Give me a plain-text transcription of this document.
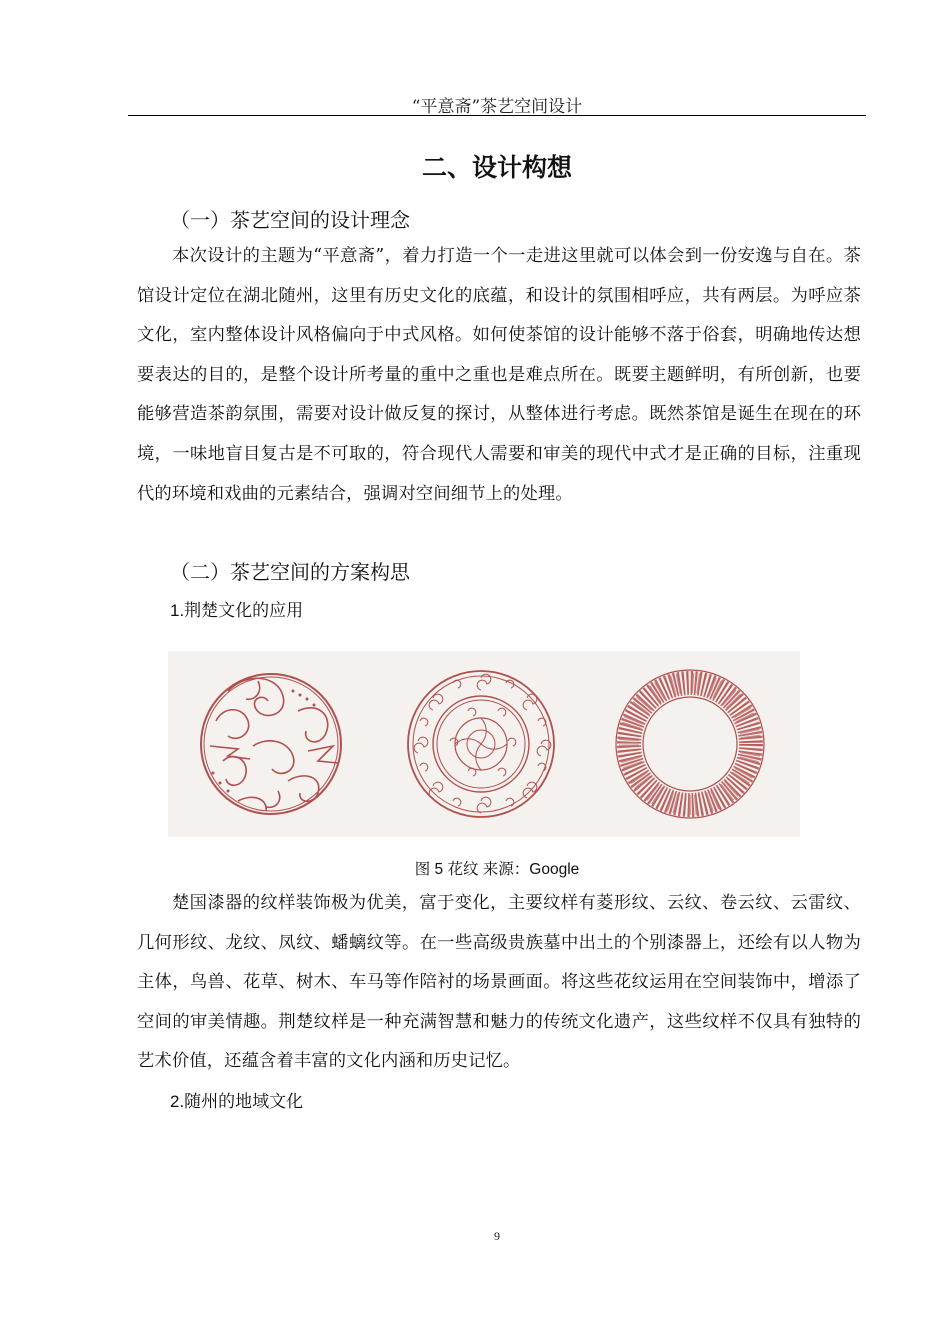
“平意斋”茶艺空间设计
二、设计构想
（一）茶艺空间的设计理念

本次设计的主题为“平意斋”，着力打造一个一走进这里就可以体会到一份安逸与自在。茶馆设计定位在湖北随州，这里有历史文化的底蕴，和设计的氛围相呼应，共有两层。为呼应茶文化，室内整体设计风格偏向于中式风格。如何使茶馆的设计能够不落于俗套，明确地传达想要表达的目的，是整个设计所考量的重中之重也是难点所在。既要主题鲜明，有所创新，也要能够营造茶韵氛围，需要对设计做反复的探讨，从整体进行考虑。既然茶馆是诞生在现在的环境，一味地盲目复古是不可取的，符合现代人需要和审美的现代中式才是正确的目标，注重现代的环境和戏曲的元素结合，强调对空间细节上的处理。

（二）茶艺空间的方案构思
1.荆楚文化的应用
图 5 花纹 来源：Google

楚国漆器的纹样装饰极为优美，富于变化，主要纹样有菱形纹、云纹、卷云纹、云雷纹、几何形纹、龙纹、凤纹、蟠螭纹等。在一些高级贵族墓中出土的个别漆器上，还绘有以人物为主体，鸟兽、花草、树木、车马等作陪衬的场景画面。将这些花纹运用在空间装饰中，增添了空间的审美情趣。荆楚纹样是一种充满智慧和魅力的传统文化遗产，这些纹样不仅具有独特的艺术价值，还蕴含着丰富的文化内涵和历史记忆。

2.随州的地域文化
9
